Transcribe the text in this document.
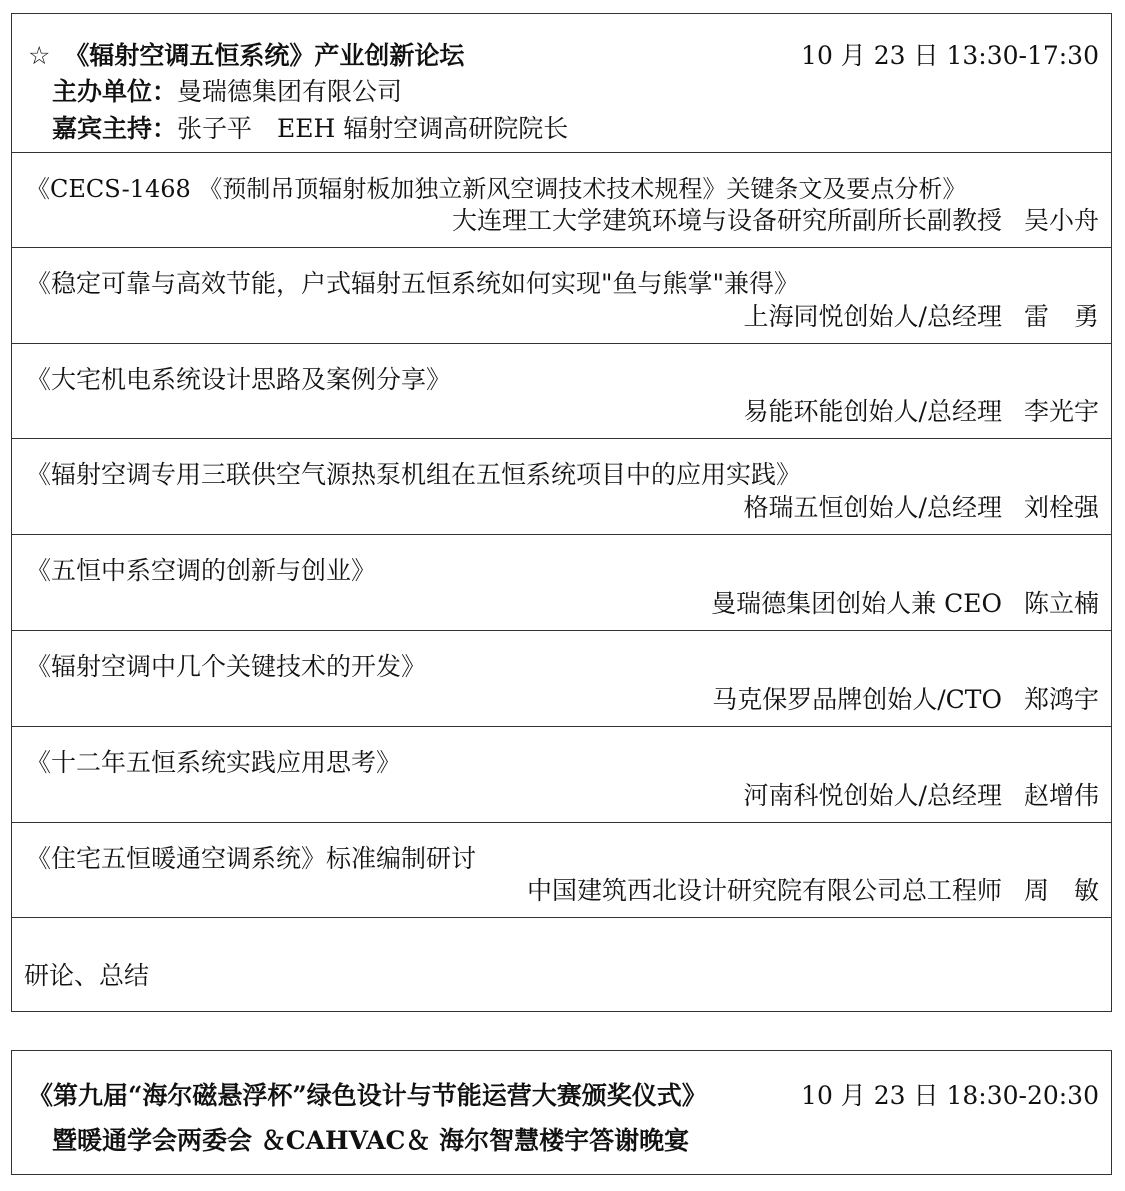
☆ 《辐射空调五恒系统》产业创新论坛	10 月 23 日 13:30-17:30
主办单位：曼瑞德集团有限公司
嘉宾主持：张子平　EEH 辐射空调高研院院长
《CECS-1468 《预制吊顶辐射板加独立新风空调技术技术规程》关键条文及要点分析》
大连理工大学建筑环境与设备研究所副所长副教授 吴小舟
《稳定可靠与高效节能，户式辐射五恒系统如何实现"鱼与熊掌"兼得》
上海同悦创始人/总经理 雷　勇
《大宅机电系统设计思路及案例分享》
易能环能创始人/总经理 李光宇
《辐射空调专用三联供空气源热泵机组在五恒系统项目中的应用实践》
格瑞五恒创始人/总经理 刘栓强
《五恒中系空调的创新与创业》
曼瑞德集团创始人兼 CEO 陈立楠
《辐射空调中几个关键技术的开发》
马克保罗品牌创始人/CTO 郑鸿宇
《十二年五恒系统实践应用思考》
河南科悦创始人/总经理 赵增伟
《住宅五恒暖通空调系统》标准编制研讨
中国建筑西北设计研究院有限公司总工程师 周　敏
研论、总结
《第九届“海尔磁悬浮杯”绿色设计与节能运营大赛颁奖仪式》	10 月 23 日 18:30-20:30
暨暖通学会两委会 ＆CAHVAC＆ 海尔智慧楼宇答谢晚宴
